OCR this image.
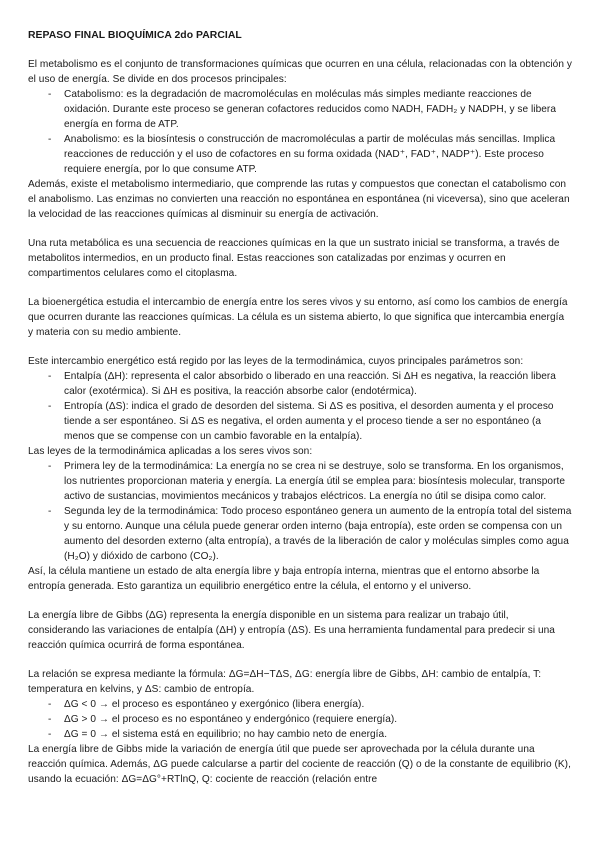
REPASO FINAL BIOQUÍMICA 2do PARCIAL

El metabolismo es el conjunto de transformaciones químicas que ocurren en una célula, relacionadas con la obtención y el uso de energía. Se divide en dos procesos principales:

- Catabolismo: es la degradación de macromoléculas en moléculas más simples mediante reacciones de oxidación. Durante este proceso se generan cofactores reducidos como NADH, FADH₂ y NADPH, y se libera energía en forma de ATP.
- Anabolismo: es la biosíntesis o construcción de macromoléculas a partir de moléculas más sencillas. Implica reacciones de reducción y el uso de cofactores en su forma oxidada (NAD⁺, FAD⁺, NADP⁺). Este proceso requiere energía, por lo que consume ATP.

Además, existe el metabolismo intermediario, que comprende las rutas y compuestos que conectan el catabolismo con el anabolismo. Las enzimas no convierten una reacción no espontánea en espontánea (ni viceversa), sino que aceleran la velocidad de las reacciones químicas al disminuir su energía de activación.

Una ruta metabólica es una secuencia de reacciones químicas en la que un sustrato inicial se transforma, a través de metabolitos intermedios, en un producto final. Estas reacciones son catalizadas por enzimas y ocurren en compartimentos celulares como el citoplasma.

La bioenergética estudia el intercambio de energía entre los seres vivos y su entorno, así como los cambios de energía que ocurren durante las reacciones químicas. La célula es un sistema abierto, lo que significa que intercambia energía y materia con su medio ambiente.

Este intercambio energético está regido por las leyes de la termodinámica, cuyos principales parámetros son:

- Entalpía (ΔH): representa el calor absorbido o liberado en una reacción. Si ΔH es negativa, la reacción libera calor (exotérmica). Si ΔH es positiva, la reacción absorbe calor (endotérmica).
- Entropía (ΔS): indica el grado de desorden del sistema. Si ΔS es positiva, el desorden aumenta y el proceso tiende a ser espontáneo. Si ΔS es negativa, el orden aumenta y el proceso tiende a ser no espontáneo (a menos que se compense con un cambio favorable en la entalpía).

Las leyes de la termodinámica aplicadas a los seres vivos son:

- Primera ley de la termodinámica: La energía no se crea ni se destruye, solo se transforma. En los organismos, los nutrientes proporcionan materia y energía. La energía útil se emplea para: biosíntesis molecular, transporte activo de sustancias, movimientos mecánicos y trabajos eléctricos. La energía no útil se disipa como calor.
- Segunda ley de la termodinámica: Todo proceso espontáneo genera un aumento de la entropía total del sistema y su entorno. Aunque una célula puede generar orden interno (baja entropía), este orden se compensa con un aumento del desorden externo (alta entropía), a través de la liberación de calor y moléculas simples como agua (H₂O) y dióxido de carbono (CO₂).

Así, la célula mantiene un estado de alta energía libre y baja entropía interna, mientras que el entorno absorbe la entropía generada. Esto garantiza un equilibrio energético entre la célula, el entorno y el universo.

La energía libre de Gibbs (ΔG) representa la energía disponible en un sistema para realizar un trabajo útil, considerando las variaciones de entalpía (ΔH) y entropía (ΔS). Es una herramienta fundamental para predecir si una reacción química ocurrirá de forma espontánea.

La relación se expresa mediante la fórmula: ΔG=ΔH−TΔS, ΔG: energía libre de Gibbs, ΔH: cambio de entalpía, T: temperatura en kelvins, y ΔS: cambio de entropía.

- ΔG < 0 → el proceso es espontáneo y exergónico (libera energía).
- ΔG > 0 → el proceso es no espontáneo y endergónico (requiere energía).
- ΔG = 0 → el sistema está en equilibrio; no hay cambio neto de energía.

La energía libre de Gibbs mide la variación de energía útil que puede ser aprovechada por la célula durante una reacción química. Además, ΔG puede calcularse a partir del cociente de reacción (Q) o de la constante de equilibrio (K), usando la ecuación: ΔG=ΔG°+RTlnQ, Q: cociente de reacción (relación entre
